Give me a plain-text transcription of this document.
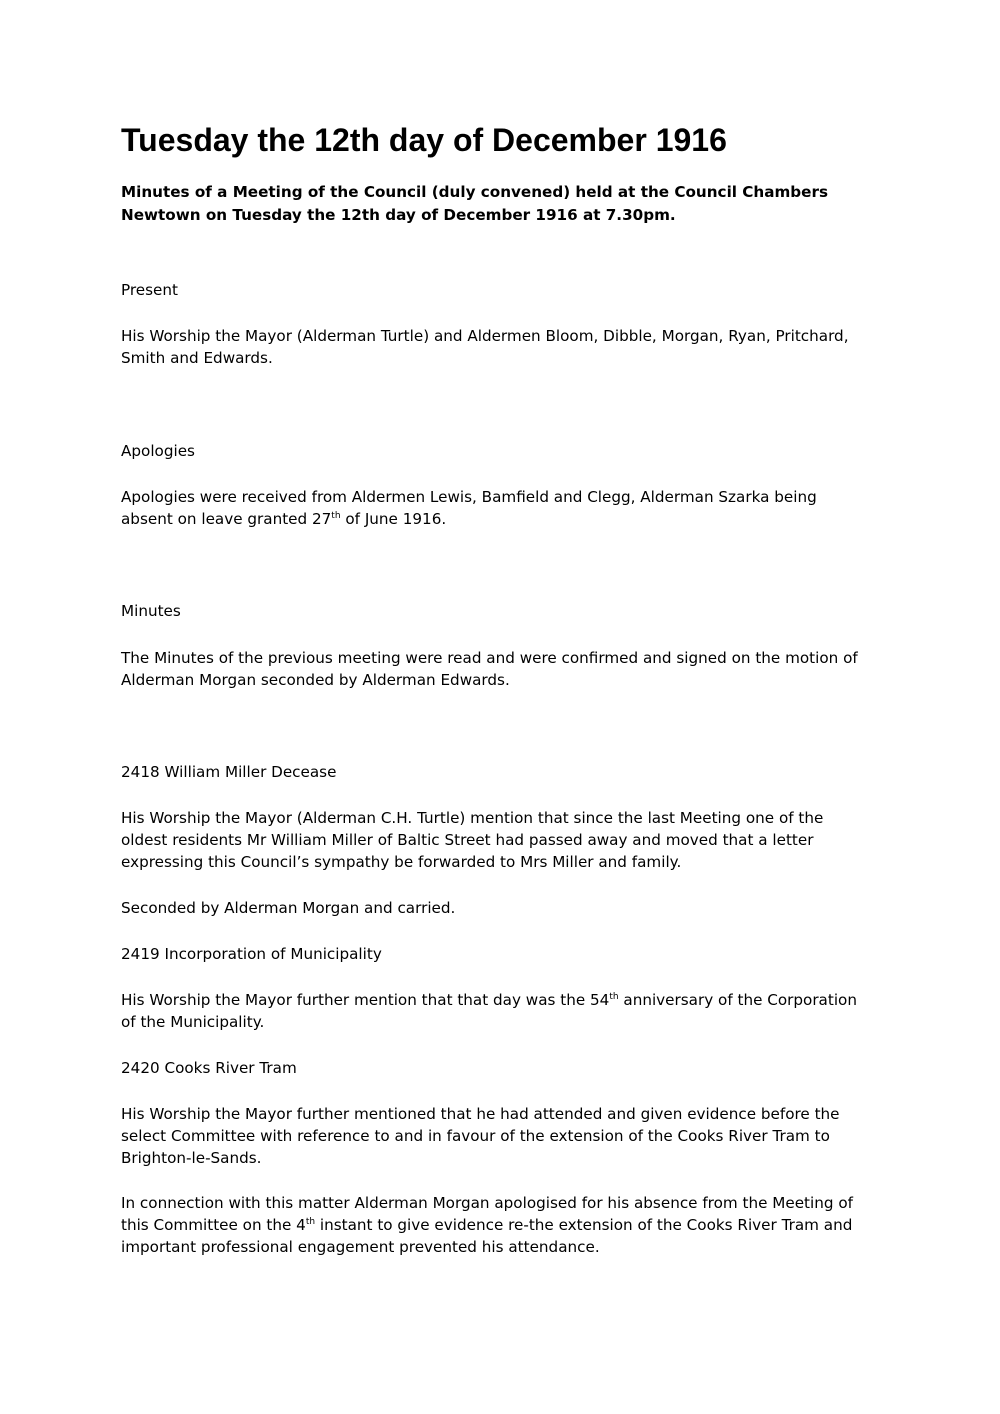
Tuesday the 12th day of December 1916

Minutes of a Meeting of the Council (duly convened) held at the Council Chambers
Newtown on Tuesday the 12th day of December 1916 at 7.30pm.

Present

His Worship the Mayor (Alderman Turtle) and Aldermen Bloom, Dibble, Morgan, Ryan, Pritchard,
Smith and Edwards.

Apologies

Apologies were received from Aldermen Lewis, Bamfield and Clegg, Alderman Szarka being
absent on leave granted 27th of June 1916.

Minutes

The Minutes of the previous meeting were read and were confirmed and signed on the motion of
Alderman Morgan seconded by Alderman Edwards.

2418 William Miller Decease

His Worship the Mayor (Alderman C.H. Turtle) mention that since the last Meeting one of the
oldest residents Mr William Miller of Baltic Street had passed away and moved that a letter
expressing this Council’s sympathy be forwarded to Mrs Miller and family.

Seconded by Alderman Morgan and carried.

2419 Incorporation of Municipality

His Worship the Mayor further mention that that day was the 54th anniversary of the Corporation
of the Municipality.

2420 Cooks River Tram

His Worship the Mayor further mentioned that he had attended and given evidence before the
select Committee with reference to and in favour of the extension of the Cooks River Tram to
Brighton-le-Sands.

In connection with this matter Alderman Morgan apologised for his absence from the Meeting of
this Committee on the 4th instant to give evidence re-the extension of the Cooks River Tram and
important professional engagement prevented his attendance.
